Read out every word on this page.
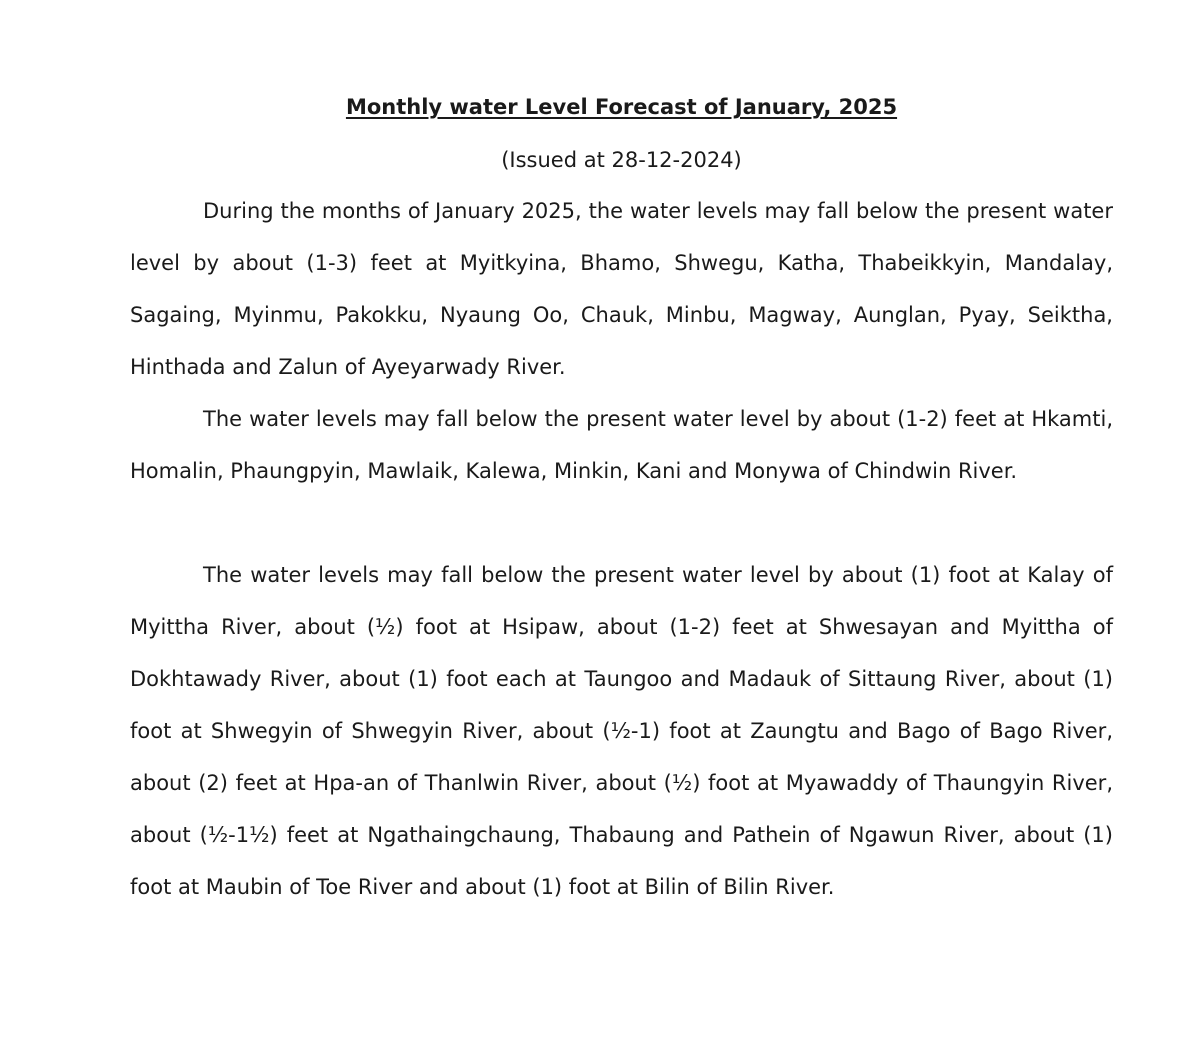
Monthly water Level Forecast of January, 2025

(Issued at 28-12-2024)

During the months of January 2025, the water levels may fall below the present water level by about (1-3) feet at Myitkyina, Bhamo, Shwegu, Katha, Thabeikkyin, Mandalay, Sagaing, Myinmu, Pakokku, Nyaung Oo, Chauk, Minbu, Magway, Aunglan, Pyay, Seiktha, Hinthada and Zalun of Ayeyarwady River.

The water levels may fall below the present water level by about (1-2) feet at Hkamti, Homalin, Phaungpyin, Mawlaik, Kalewa, Minkin, Kani and Monywa of Chindwin River.

The water levels may fall below the present water level by about (1) foot at Kalay of Myittha River, about (½) foot at Hsipaw, about (1-2) feet at Shwesayan and Myittha of Dokhtawady River, about (1) foot each at Taungoo and Madauk of Sittaung River, about (1) foot at Shwegyin of Shwegyin River, about (½-1) foot at Zaungtu and Bago of Bago River, about (2) feet at Hpa-an of Thanlwin River, about (½) foot at Myawaddy of Thaungyin River, about (½-1½) feet at Ngathaingchaung, Thabaung and Pathein of Ngawun River, about (1) foot at Maubin of Toe River and about (1) foot at Bilin of Bilin River.
